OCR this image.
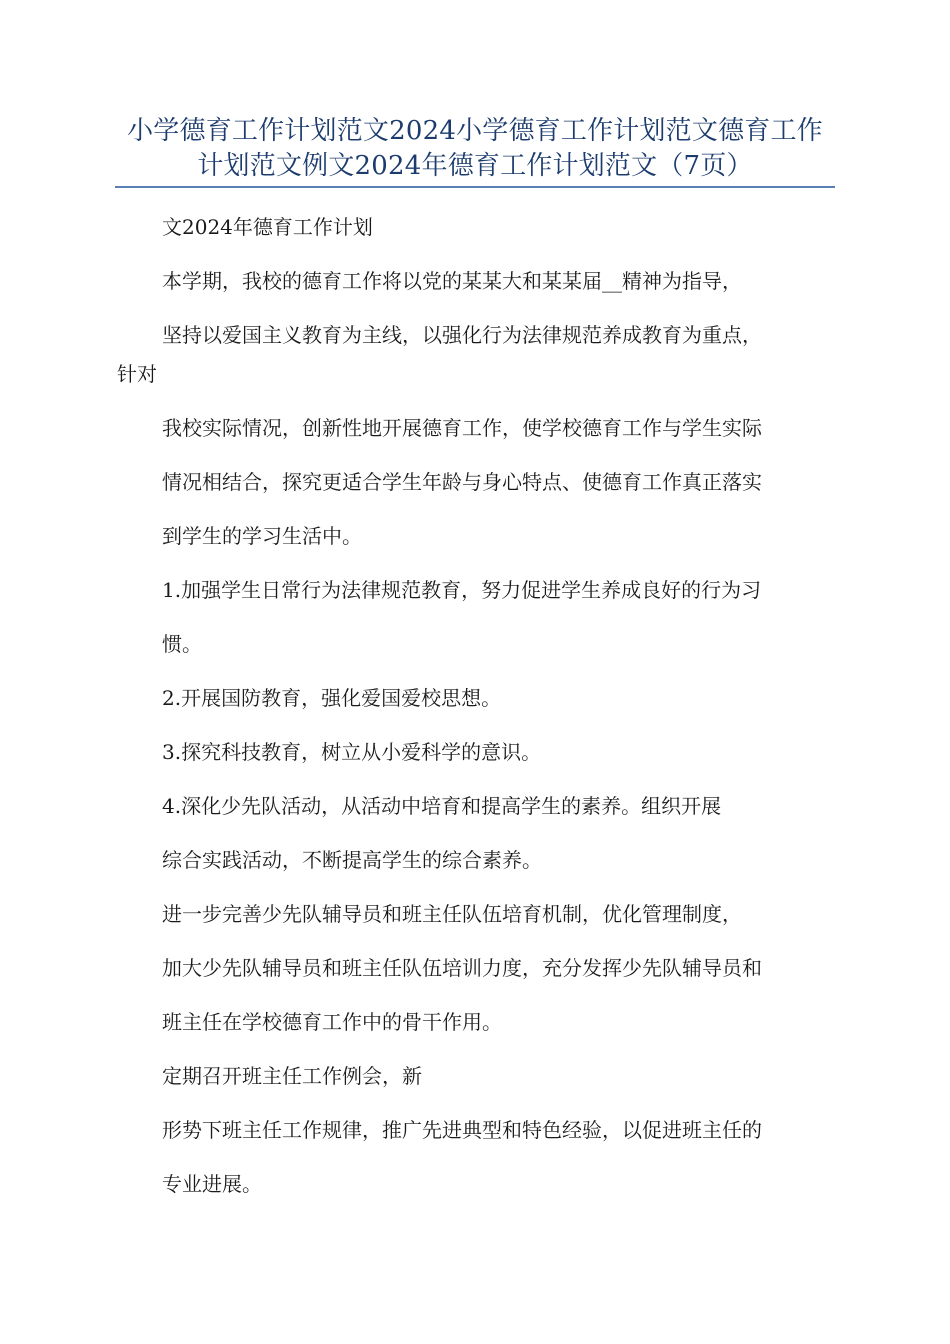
小学德育工作计划范文2024小学德育工作计划范文德育工作计划范文例文2024年德育工作计划范文（7页）

文2024年德育工作计划

本学期，我校的德育工作将以党的某某大和某某届__精神为指导，

坚持以爱国主义教育为主线，以强化行为法律规范养成教育为重点，

针对

我校实际情况，创新性地开展德育工作，使学校德育工作与学生实际

情况相结合，探究更适合学生年龄与身心特点、使德育工作真正落实

到学生的学习生活中。

1.加强学生日常行为法律规范教育，努力促进学生养成良好的行为习

惯。

2.开展国防教育，强化爱国爱校思想。

3.探究科技教育，树立从小爱科学的意识。

4.深化少先队活动，从活动中培育和提高学生的素养。组织开展

综合实践活动，不断提高学生的综合素养。

进一步完善少先队辅导员和班主任队伍培育机制，优化管理制度，

加大少先队辅导员和班主任队伍培训力度，充分发挥少先队辅导员和

班主任在学校德育工作中的骨干作用。

定期召开班主任工作例会，新

形势下班主任工作规律，推广先进典型和特色经验，以促进班主任的

专业进展。
